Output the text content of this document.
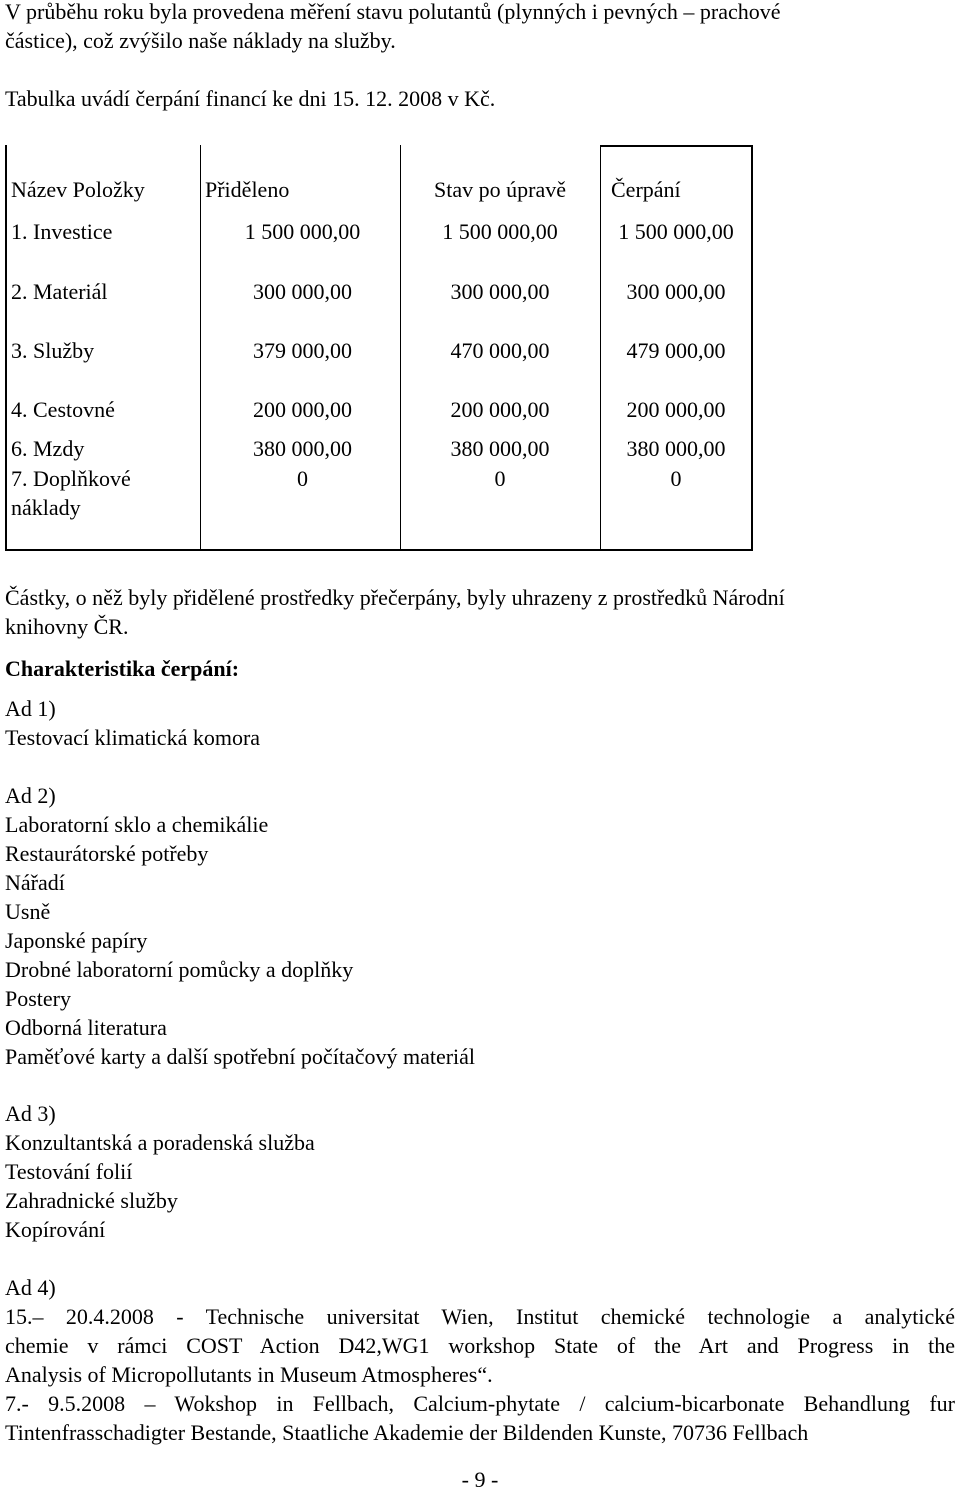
V průběhu roku byla provedena měření stavu polutantů (plynných i pevných – prachové
částice), což zvýšilo naše náklady na služby.
Tabulka uvádí čerpání financí ke dni 15. 12. 2008 v Kč.
Název Položky	Přiděleno	Stav po úpravě	Čerpání
1. Investice	1 500 000,00	1 500 000,00	1 500 000,00
2. Materiál	300 000,00	300 000,00	300 000,00
3. Služby	379 000,00	470 000,00	479 000,00
4. Cestovné	200 000,00	200 000,00	200 000,00
6. Mzdy	380 000,00	380 000,00	380 000,00
7. Doplňkové
náklady
0	0	0
Částky, o něž byly přidělené prostředky přečerpány, byly uhrazeny z prostředků Národní
knihovny ČR.
Charakteristika čerpání:
Ad 1)
Testovací klimatická komora
Ad 2)
Laboratorní sklo a chemikálie
Restaurátorské potřeby
Nářadí
Usně
Japonské papíry
Drobné laboratorní pomůcky a doplňky
Postery
Odborná literatura
Paměťové karty a další spotřební počítačový materiál
Ad 3)
Konzultantská a poradenská služba
Testování folií
Zahradnické služby
Kopírování
Ad 4)
15.– 20.4.2008 - Technische universitat Wien, Institut chemické technologie a analytické
chemie v rámci COST Action D42,WG1 workshop State of the Art and Progress in the
Analysis of Micropollutants in Museum Atmospheres“.
7.- 9.5.2008 – Wokshop in Fellbach, Calcium-phytate / calcium-bicarbonate Behandlung fur
Tintenfrasschadigter Bestande, Staatliche Akademie der Bildenden Kunste, 70736 Fellbach
- 9 -
